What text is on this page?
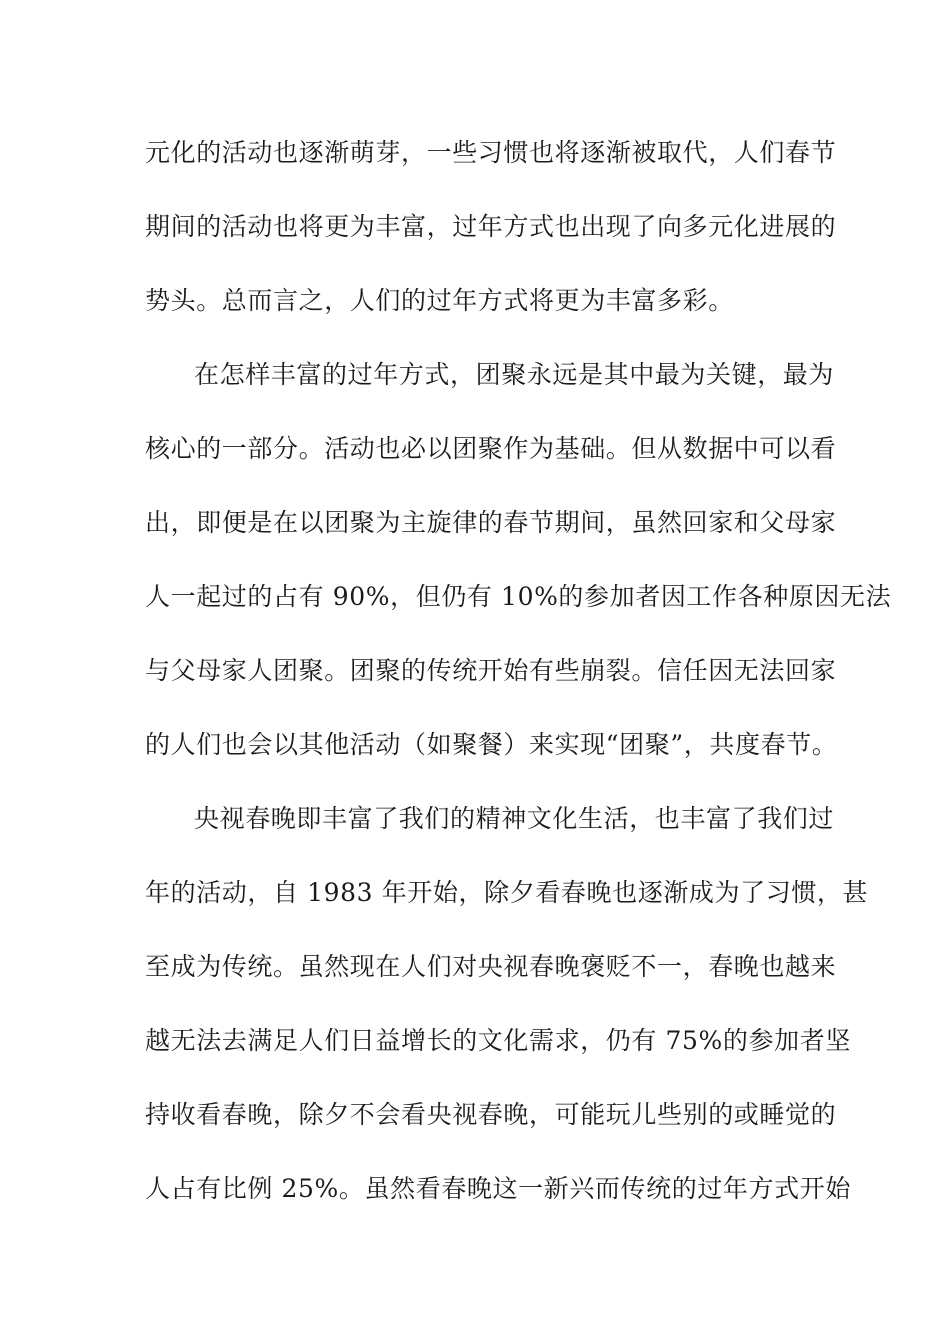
元化的活动也逐渐萌芽，一些习惯也将逐渐被取代，人们春节
期间的活动也将更为丰富，过年方式也出现了向多元化进展的
势头。总而言之，人们的过年方式将更为丰富多彩。
在怎样丰富的过年方式，团聚永远是其中最为关键，最为
核心的一部分。活动也必以团聚作为基础。但从数据中可以看
出，即便是在以团聚为主旋律的春节期间，虽然回家和父母家
人一起过的占有 90%，但仍有 10%的参加者因工作各种原因无法
与父母家人团聚。团聚的传统开始有些崩裂。信任因无法回家
的人们也会以其他活动（如聚餐）来实现“团聚”，共度春节。
央视春晚即丰富了我们的精神文化生活，也丰富了我们过
年的活动，自 1983 年开始，除夕看春晚也逐渐成为了习惯，甚
至成为传统。虽然现在人们对央视春晚褒贬不一，春晚也越来
越无法去满足人们日益增长的文化需求，仍有 75%的参加者坚
持收看春晚，除夕不会看央视春晚，可能玩儿些别的或睡觉的
人占有比例 25%。虽然看春晚这一新兴而传统的过年方式开始
